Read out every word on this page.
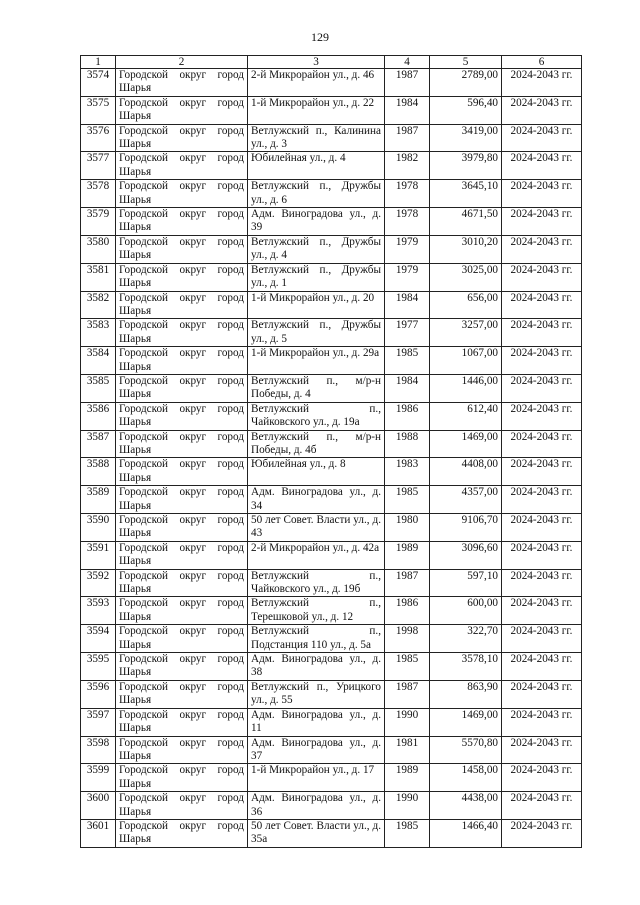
129
1	2	3	4	5	6
3574	Городской округ город Шарья	2-й Микрорайон ул., д. 46	1987	2789,00	2024-2043 гг.
3575	Городской округ город Шарья	1-й Микрорайон ул., д. 22	1984	596,40	2024-2043 гг.
3576	Городской округ город Шарья	Ветлужский п., Калинина ул., д. 3	1987	3419,00	2024-2043 гг.
3577	Городской округ город Шарья	Юбилейная ул., д. 4	1982	3979,80	2024-2043 гг.
3578	Городской округ город Шарья	Ветлужский п., Дружбы ул., д. 6	1978	3645,10	2024-2043 гг.
3579	Городской округ город Шарья	Адм. Виноградова ул., д. 39	1978	4671,50	2024-2043 гг.
3580	Городской округ город Шарья	Ветлужский п., Дружбы ул., д. 4	1979	3010,20	2024-2043 гг.
3581	Городской округ город Шарья	Ветлужский п., Дружбы ул., д. 1	1979	3025,00	2024-2043 гг.
3582	Городской округ город Шарья	1-й Микрорайон ул., д. 20	1984	656,00	2024-2043 гг.
3583	Городской округ город Шарья	Ветлужский п., Дружбы ул., д. 5	1977	3257,00	2024-2043 гг.
3584	Городской округ город Шарья	1-й Микрорайон ул., д. 29а	1985	1067,00	2024-2043 гг.
3585	Городской округ город Шарья	Ветлужский п., м/р-н Победы, д. 4	1984	1446,00	2024-2043 гг.
3586	Городской округ город Шарья	Ветлужский п., Чайковского ул., д. 19а	1986	612,40	2024-2043 гг.
3587	Городской округ город Шарья	Ветлужский п., м/р-н Победы, д. 4б	1988	1469,00	2024-2043 гг.
3588	Городской округ город Шарья	Юбилейная ул., д. 8	1983	4408,00	2024-2043 гг.
3589	Городской округ город Шарья	Адм. Виноградова ул., д. 34	1985	4357,00	2024-2043 гг.
3590	Городской округ город Шарья	50 лет Совет. Власти ул., д. 43	1980	9106,70	2024-2043 гг.
3591	Городской округ город Шарья	2-й Микрорайон ул., д. 42а	1989	3096,60	2024-2043 гг.
3592	Городской округ город Шарья	Ветлужский п., Чайковского ул., д. 19б	1987	597,10	2024-2043 гг.
3593	Городской округ город Шарья	Ветлужский п., Терешковой ул., д. 12	1986	600,00	2024-2043 гг.
3594	Городской округ город Шарья	Ветлужский п., Подстанция 110 ул., д. 5а	1998	322,70	2024-2043 гг.
3595	Городской округ город Шарья	Адм. Виноградова ул., д. 38	1985	3578,10	2024-2043 гг.
3596	Городской округ город Шарья	Ветлужский п., Урицкого ул., д. 55	1987	863,90	2024-2043 гг.
3597	Городской округ город Шарья	Адм. Виноградова ул., д. 11	1990	1469,00	2024-2043 гг.
3598	Городской округ город Шарья	Адм. Виноградова ул., д. 37	1981	5570,80	2024-2043 гг.
3599	Городской округ город Шарья	1-й Микрорайон ул., д. 17	1989	1458,00	2024-2043 гг.
3600	Городской округ город Шарья	Адм. Виноградова ул., д. 36	1990	4438,00	2024-2043 гг.
3601	Городской округ город Шарья	50 лет Совет. Власти ул., д. 35а	1985	1466,40	2024-2043 гг.
